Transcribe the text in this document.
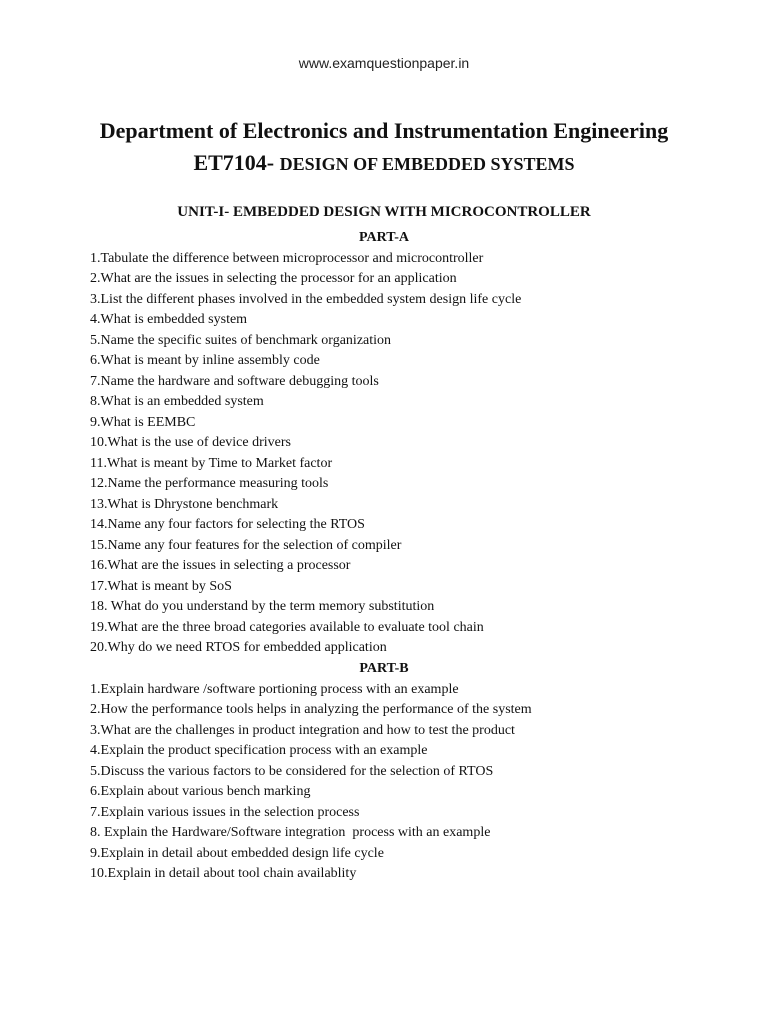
www.examquestionpaper.in
Department of Electronics and Instrumentation Engineering
ET7104- DESIGN OF EMBEDDED SYSTEMS
UNIT-I- EMBEDDED DESIGN WITH MICROCONTROLLER
PART-A
1.Tabulate the difference between microprocessor and microcontroller
2.What are the issues in selecting the processor for an application
3.List the different phases involved in the embedded system design life cycle
4.What is embedded system
5.Name the specific suites of benchmark organization
6.What is meant by inline assembly code
7.Name the hardware and software debugging tools
8.What is an embedded system
9.What is EEMBC
10.What is the use of device drivers
11.What is meant by Time to Market factor
12.Name the performance measuring tools
13.What is Dhrystone benchmark
14.Name any four factors for selecting the RTOS
15.Name any four features for the selection of compiler
16.What are the issues in selecting a processor
17.What is meant by SoS
18. What do you understand by the term memory substitution
19.What are the three broad categories available to evaluate tool chain
20.Why do we need RTOS for embedded application
PART-B
1.Explain hardware /software portioning process with an example
2.How the performance tools helps in analyzing the performance of the system
3.What are the challenges in product integration and how to test the product
4.Explain the product specification process with an example
5.Discuss the various factors to be considered for the selection of RTOS
6.Explain about various bench marking
7.Explain various issues in the selection process
8. Explain the Hardware/Software integration  process with an example
9.Explain in detail about embedded design life cycle
10.Explain in detail about tool chain availablity
